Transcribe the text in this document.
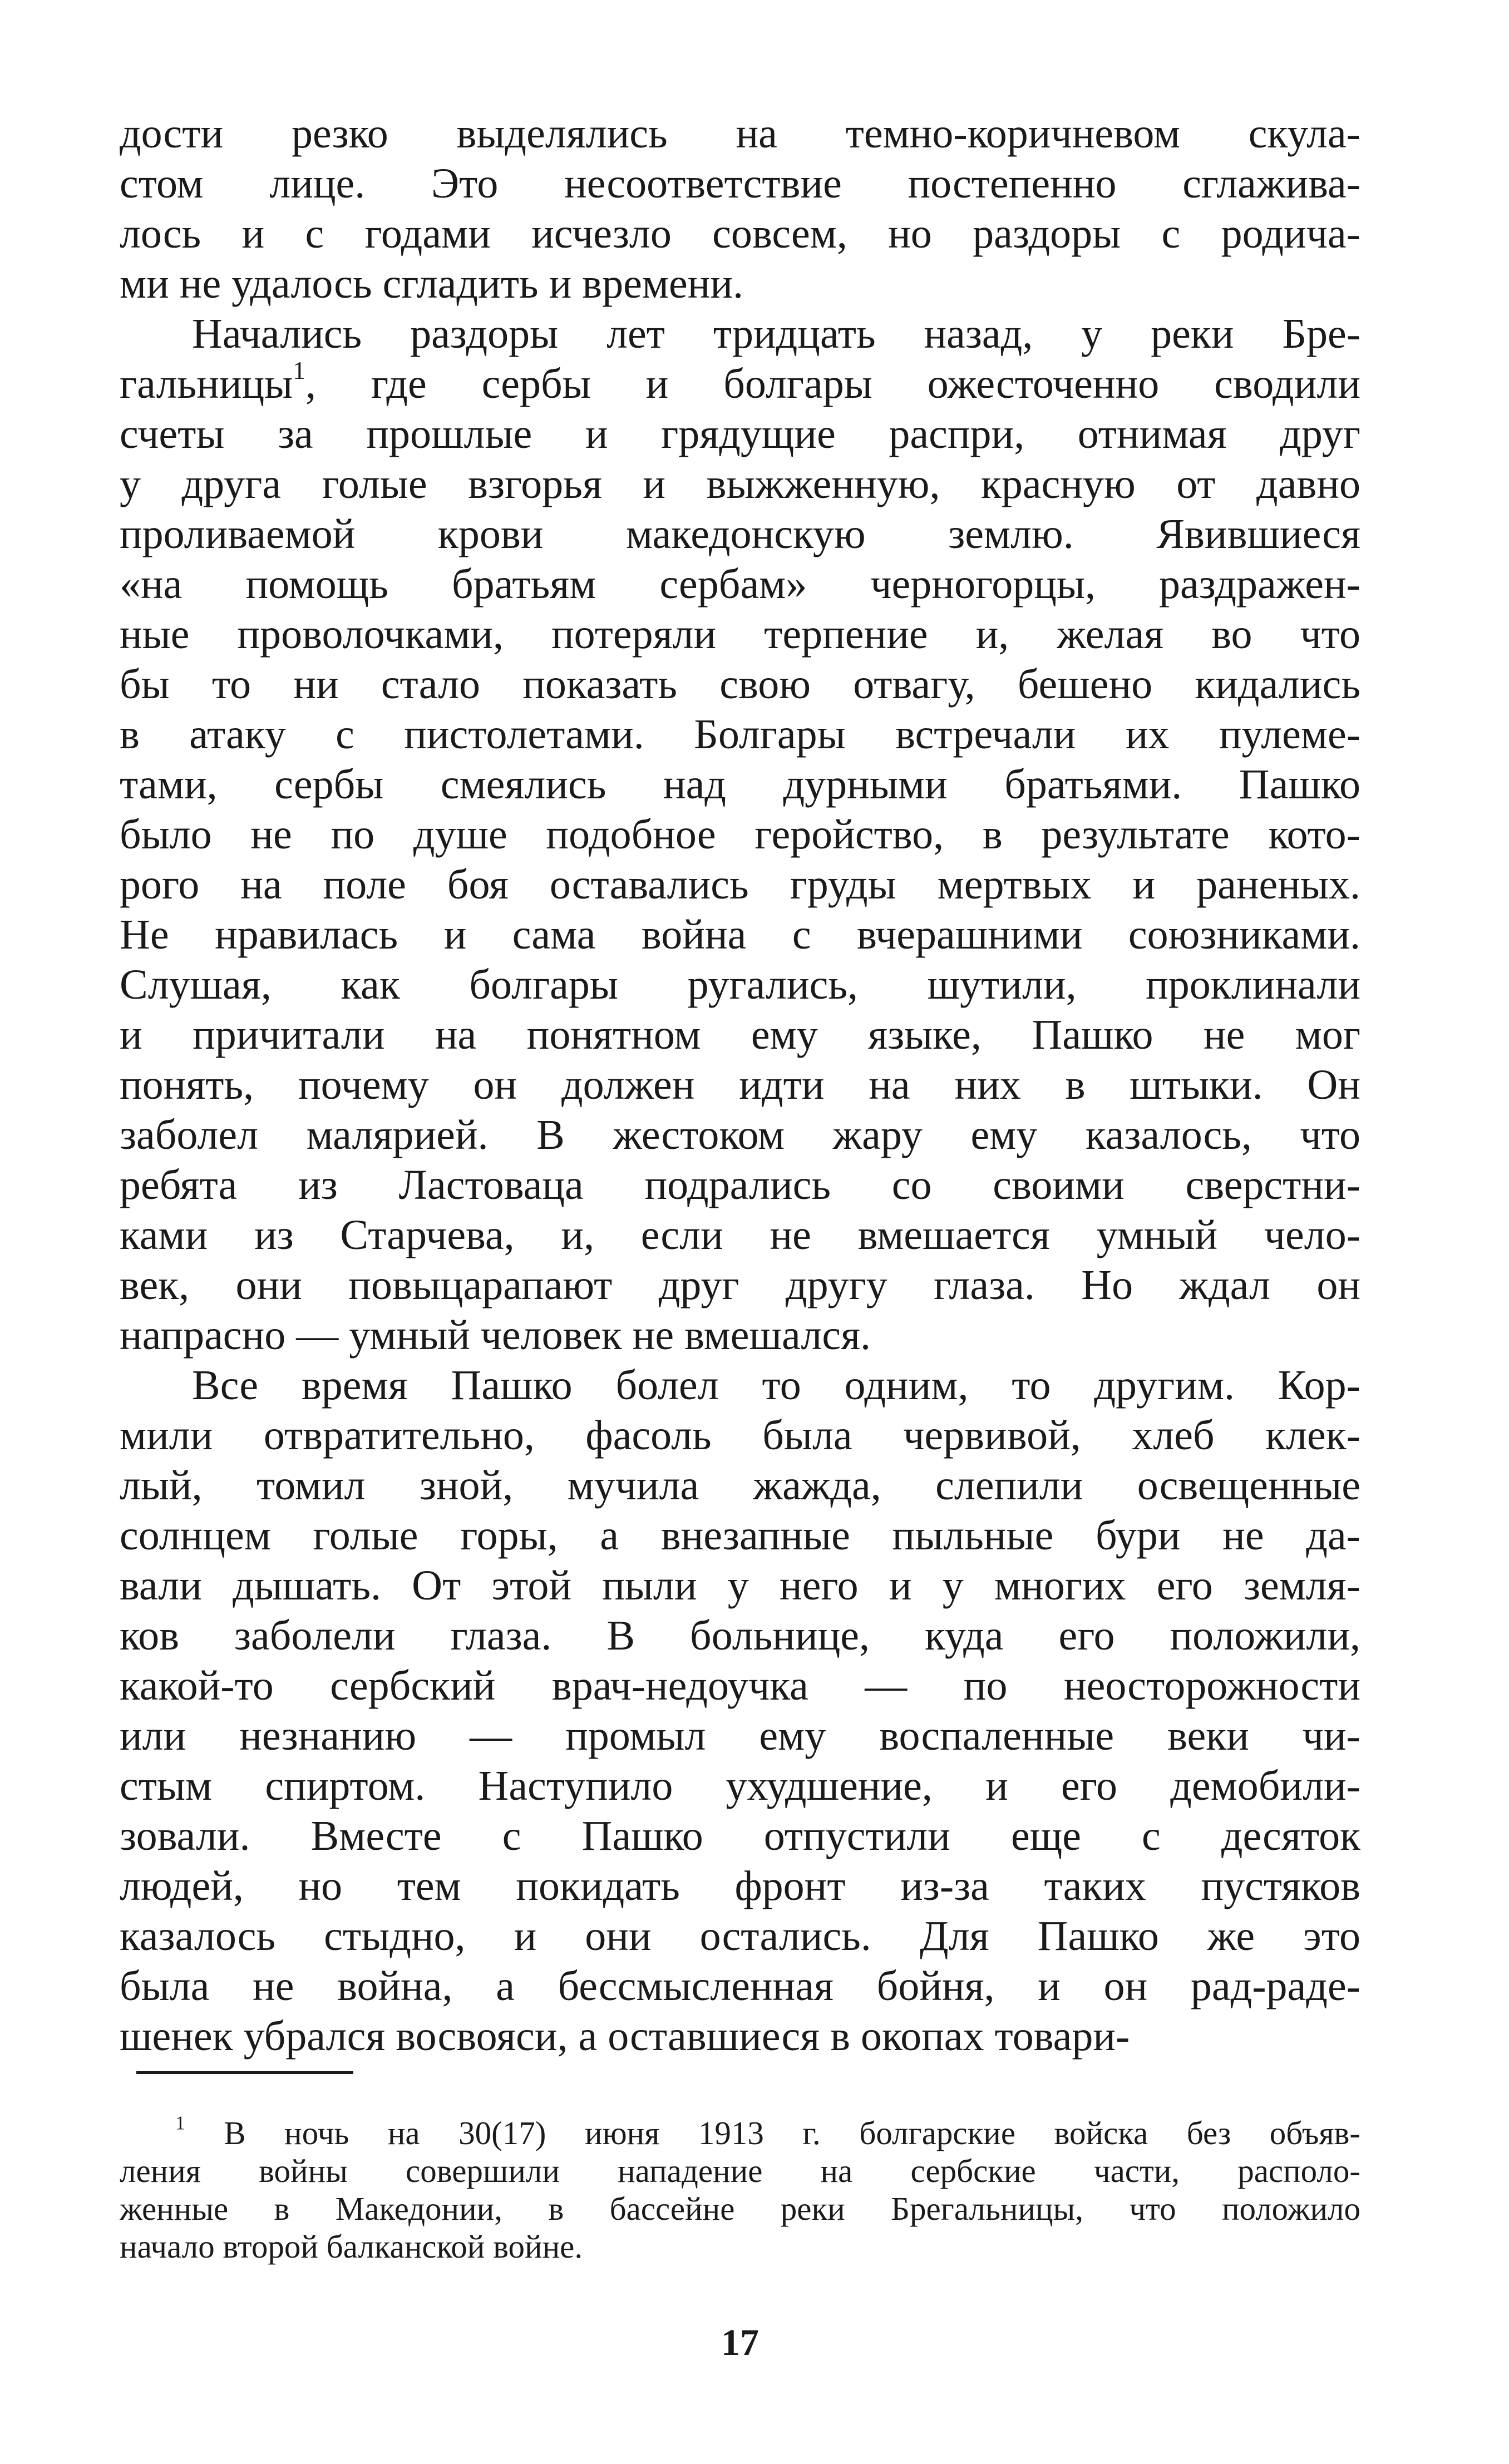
дости резко выделялись на темно-коричневом скула-
стом лице. Это несоответствие постепенно сглажива-
лось и с годами исчезло совсем, но раздоры с родича-
ми не удалось сгладить и времени.
Начались раздоры лет тридцать назад, у реки Бре-
гальницы$^1$, где сербы и болгары ожесточенно сводили
счеты за прошлые и грядущие распри, отнимая друг
у друга голые взгорья и выжженную, красную от давно
проливаемой крови македонскую землю. Явившиеся
«на помощь братьям сербам» черногорцы, раздражен-
ные проволочками, потеряли терпение и, желая во что
бы то ни стало показать свою отвагу, бешено кидались
в атаку с пистолетами. Болгары встречали их пулеме-
тами, сербы смеялись над дурными братьями. Пашко
было не по душе подобное геройство, в результате кото-
рого на поле боя оставались груды мертвых и раненых.
Не нравилась и сама война с вчерашними союзниками.
Слушая, как болгары ругались, шутили, проклинали
и причитали на понятном ему языке, Пашко не мог
понять, почему он должен идти на них в штыки. Он
заболел малярией. В жестоком жару ему казалось, что
ребята из Ластоваца подрались со своими сверстни-
ками из Старчева, и, если не вмешается умный чело-
век, они повыцарапают друг другу глаза. Но ждал он
напрасно — умный человек не вмешался.
Все время Пашко болел то одним, то другим. Кор-
мили отвратительно, фасоль была червивой, хлеб клек-
лый, томил зной, мучила жажда, слепили освещенные
солнцем голые горы, а внезапные пыльные бури не да-
вали дышать. От этой пыли у него и у многих его земля-
ков заболели глаза. В больнице, куда его положили,
какой-то сербский врач-недоучка — по неосторожности
или незнанию — промыл ему воспаленные веки чи-
стым спиртом. Наступило ухудшение, и его демобили-
зовали. Вместе с Пашко отпустили еще с десяток
людей, но тем покидать фронт из-за таких пустяков
казалось стыдно, и они остались. Для Пашко же это
была не война, а бессмысленная бойня, и он рад-раде-
шенек убрался восвояси, а оставшиеся в окопах товари-
$^1$ В ночь на 30(17) июня 1913 г. болгарские войска без объяв-
ления войны совершили нападение на сербские части, располо-
женные в Македонии, в бассейне реки Брегальницы, что положило
начало второй балканской войне.
17
